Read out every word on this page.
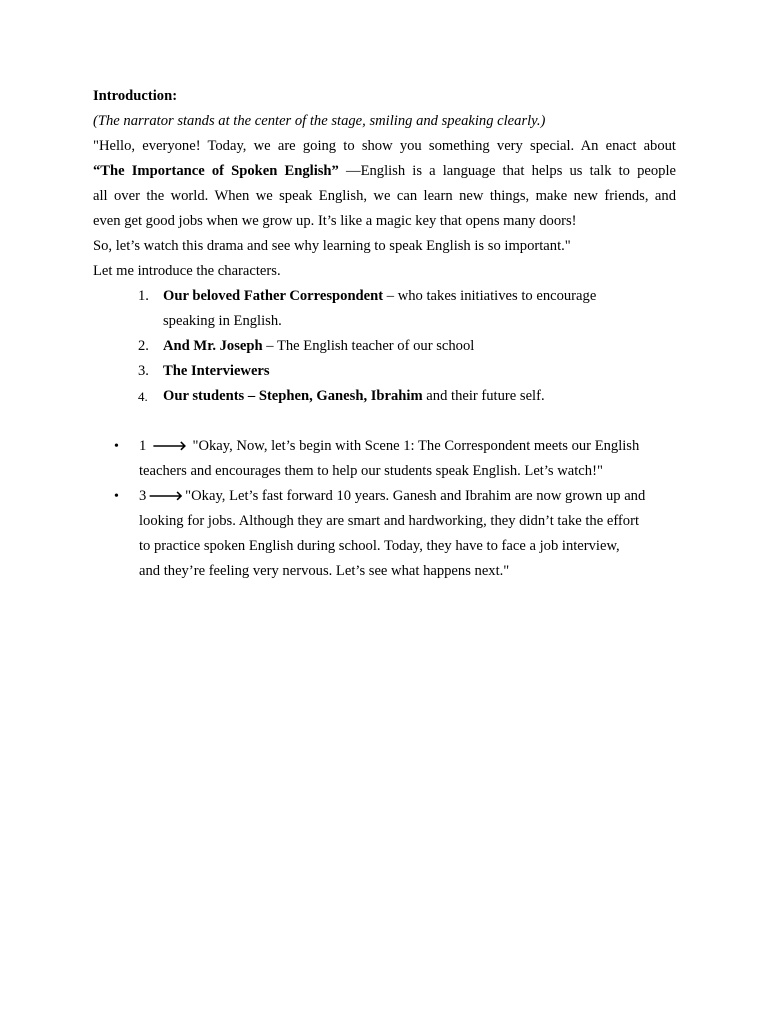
Introduction:

(The narrator stands at the center of the stage, smiling and speaking clearly.)

"Hello, everyone! Today, we are going to show you something very special. An enact about

“The Importance of Spoken English” —English is a language that helps us talk to people

all over the world. When we speak English, we can learn new things, make new friends, and

even get good jobs when we grow up. It’s like a magic key that opens many doors!

So, let’s watch this drama and see why learning to speak English is so important."

Let me introduce the characters.

1. Our beloved Father Correspondent – who takes initiatives to encourage
speaking in English.
2. And Mr. Joseph – The English teacher of our school
3. The Interviewers
4. Our students – Stephen, Ganesh, Ibrahim and their future self.
• 1 🡒 "Okay, Now, let’s begin with Scene 1: The Correspondent meets our English
teachers and encourages them to help our students speak English. Let’s watch!"
• 3 🡒 "Okay, Let’s fast forward 10 years. Ganesh and Ibrahim are now grown up and
looking for jobs. Although they are smart and hardworking, they didn’t take the effort
to practice spoken English during school. Today, they have to face a job interview,
and they’re feeling very nervous. Let’s see what happens next."
